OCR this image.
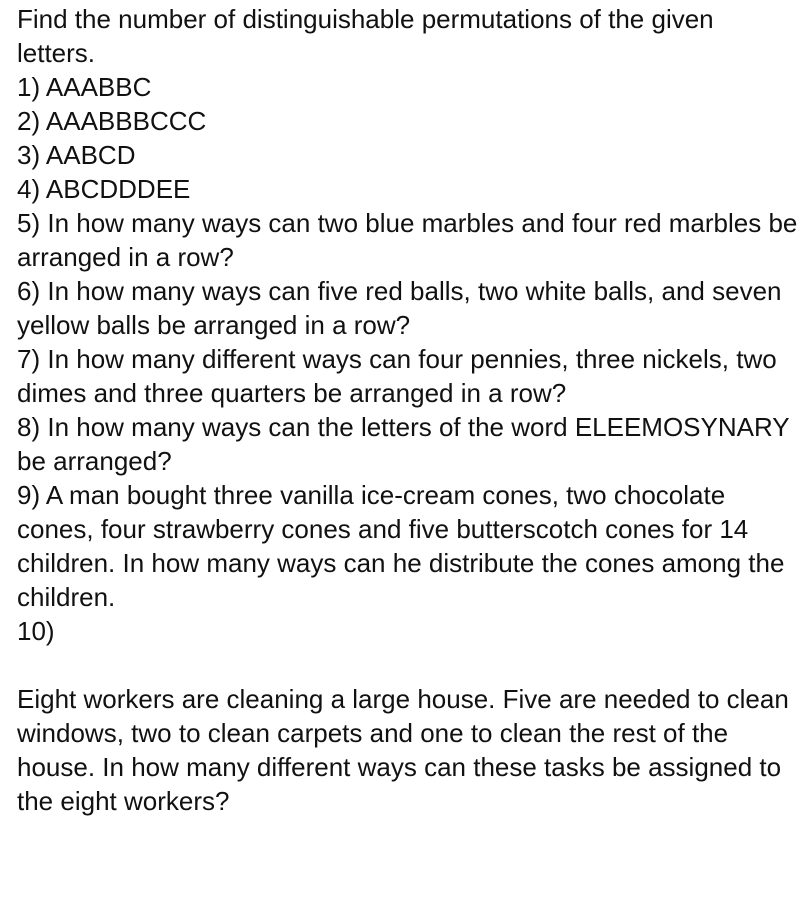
Find the number of distinguishable permutations of the given letters.
1) AAABBC
2) AAABBBCCC
3) AABCD
4) ABCDDDEE
5) In how many ways can two blue marbles and four red marbles be arranged in a row?
6) In how many ways can five red balls, two white balls, and seven yellow balls be arranged in a row?
7) In how many different ways can four pennies, three nickels, two dimes and three quarters be arranged in a row?
8) In how many ways can the letters of the word ELEEMOSYNARY be arranged?
9) A man bought three vanilla ice-cream cones, two chocolate cones, four strawberry cones and five butterscotch cones for 14 children. In how many ways can he distribute the cones among the children.
10)
Eight workers are cleaning a large house. Five are needed to clean windows, two to clean carpets and one to clean the rest of the house. In how many different ways can these tasks be assigned to the eight workers?
